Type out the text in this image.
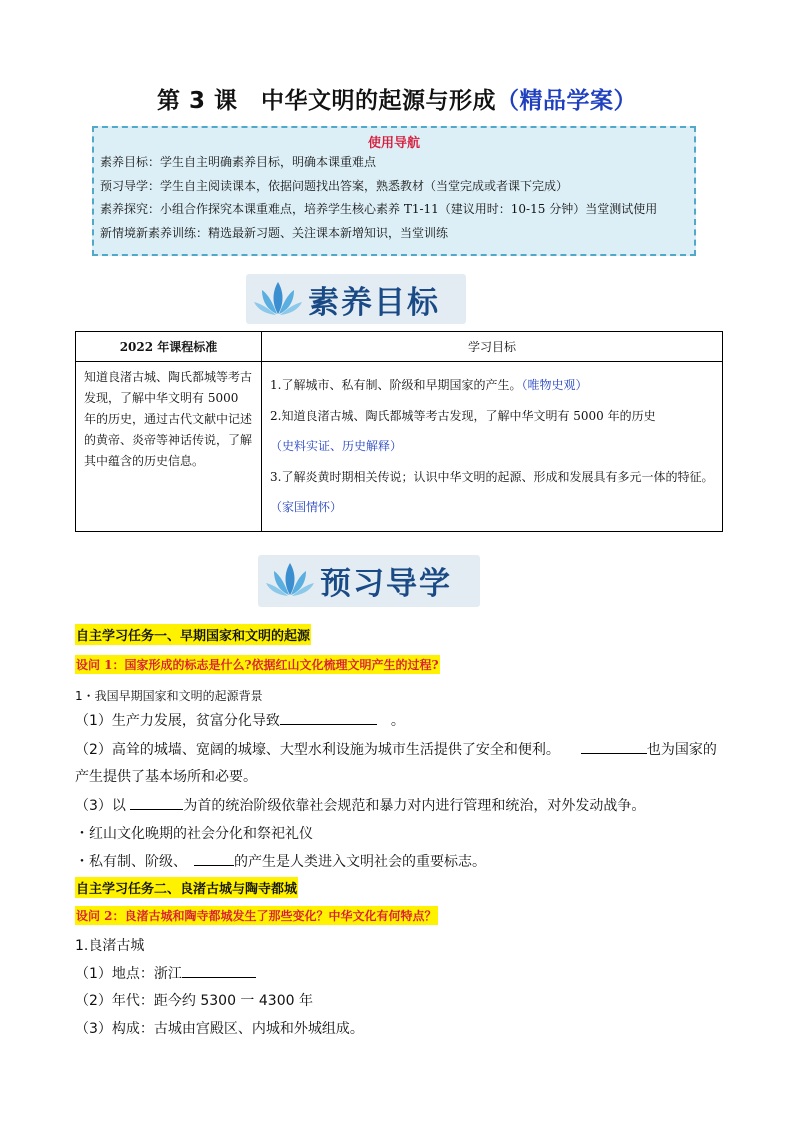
第 3 课　中华文明的起源与形成（精品学案）
使用导航
素养目标：学生自主明确素养目标，明确本课重难点
预习导学：学生自主阅读课本，依据问题找出答案，熟悉教材（当堂完成或者课下完成）
素养探究：小组合作探究本课重难点，培养学生核心素养 T1-11（建议用时：10-15 分钟）当堂测试使用
新情境新素养训练：精选最新习题、关注课本新增知识，当堂训练
素养目标
2022 年课程标准	学习目标
知道良渚古城、陶氏都城等考古发现，了解中华文明有 5000 年的历史，通过古代文献中记述的黄帝、炎帝等神话传说，了解其中蕴含的历史信息。	1.了解城市、私有制、阶级和早期国家的产生。（唯物史观）
2.知道良渚古城、陶氏都城等考古发现，了解中华文明有 5000 年的历史
（史料实证、历史解释）
3.了解炎黄时期相关传说；认识中华文明的起源、形成和发展具有多元一体的特征。　（家国情怀）
预习导学
自主学习任务一、早期国家和文明的起源
设问 1：国家形成的标志是什么?依据红山文化梳理文明产生的过程?
1・我国早期国家和文明的起源背景
（1）生产力发展，贫富分化导致　	。
（2）高耸的城墙、宽阔的城壕、大型水利设施为城市生活提供了安全和便利。　　	也为国家的
产生提供了基本场所和必要。
（3）以	为首的统治阶级依靠社会规范和暴力对内进行管理和统治，对外发动战争。
・红山文化晚期的社会分化和祭祀礼仪
・私有制、阶级、　	的产生是人类进入文明社会的重要标志。
自主学习任务二、良渚古城与陶寺都城
设问 2：良渚古城和陶寺都城发生了那些变化？中华文化有何特点？
1.良渚古城
（1）地点：浙江
（2）年代：距今约 5300 一 4300 年
（3）构成：古城由宫殿区、内城和外城组成。
